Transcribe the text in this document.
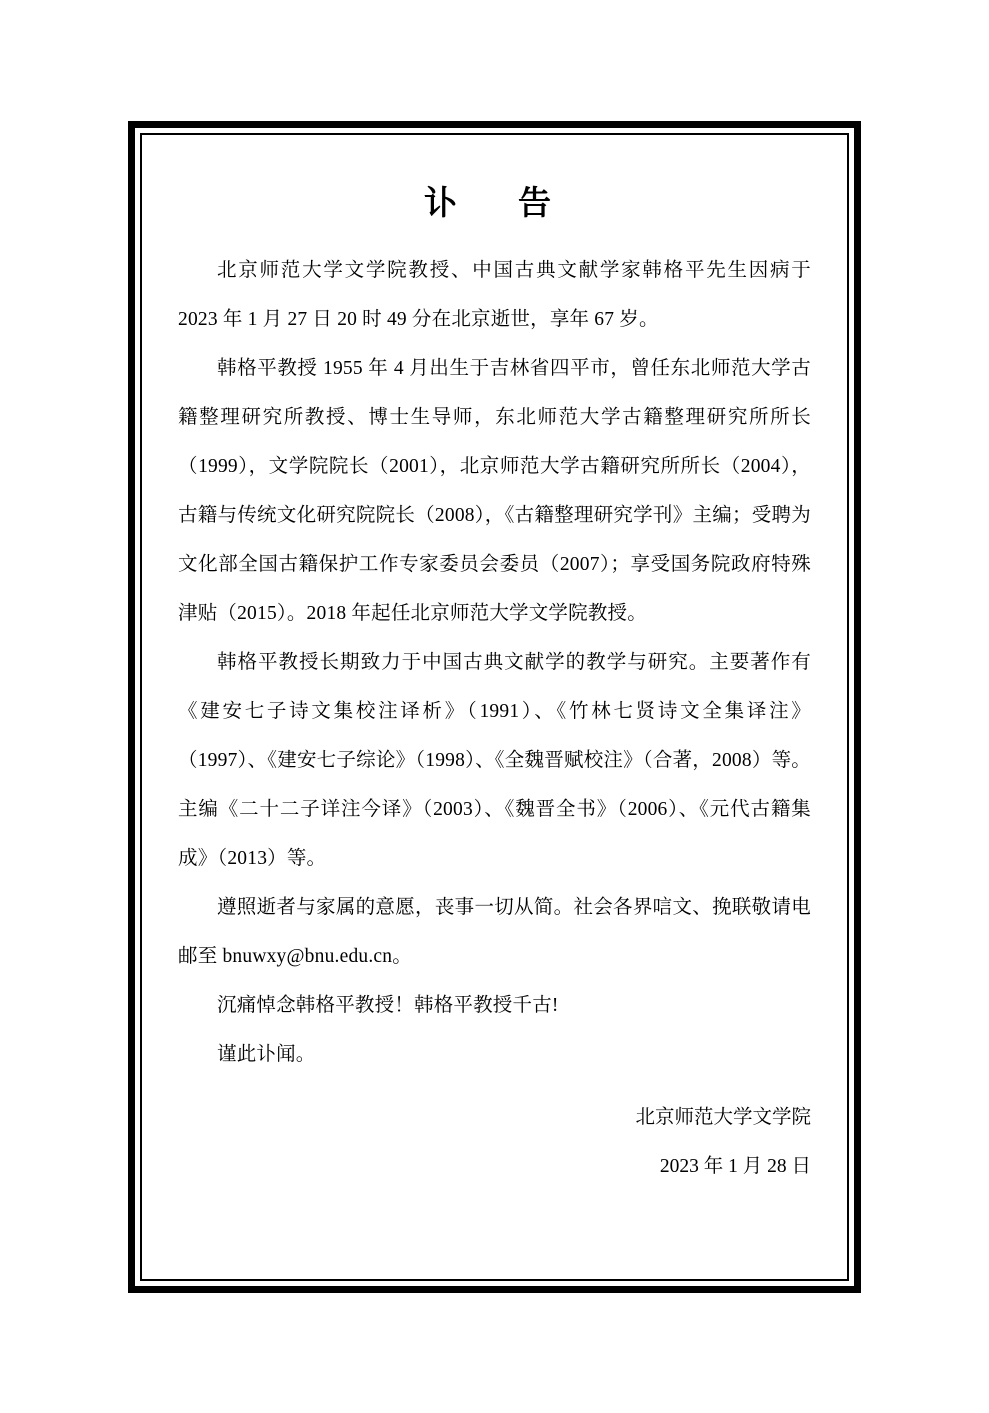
讣　告

北京师范大学文学院教授、中国古典文献学家韩格平先生因病于 2023 年 1 月 27 日 20 时 49 分在北京逝世，享年 67 岁。

韩格平教授 1955 年 4 月出生于吉林省四平市，曾任东北师范大学古籍整理研究所教授、博士生导师，东北师范大学古籍整理研究所所长（1999），文学院院长（2001），北京师范大学古籍研究所所长（2004），古籍与传统文化研究院院长（2008），《古籍整理研究学刊》主编；受聘为文化部全国古籍保护工作专家委员会委员（2007）；享受国务院政府特殊津贴（2015）。2018 年起任北京师范大学文学院教授。

韩格平教授长期致力于中国古典文献学的教学与研究。主要著作有《建安七子诗文集校注译析》（1991）、《竹林七贤诗文全集译注》（1997）、《建安七子综论》（1998）、《全魏晋赋校注》（合著，2008）等。主编《二十二子详注今译》（2003）、《魏晋全书》（2006）、《元代古籍集成》（2013）等。

遵照逝者与家属的意愿，丧事一切从简。社会各界唁文、挽联敬请电邮至 bnuwxy@bnu.edu.cn。

沉痛悼念韩格平教授！韩格平教授千古!

谨此讣闻。

北京师范大学文学院
2023 年 1 月 28 日
